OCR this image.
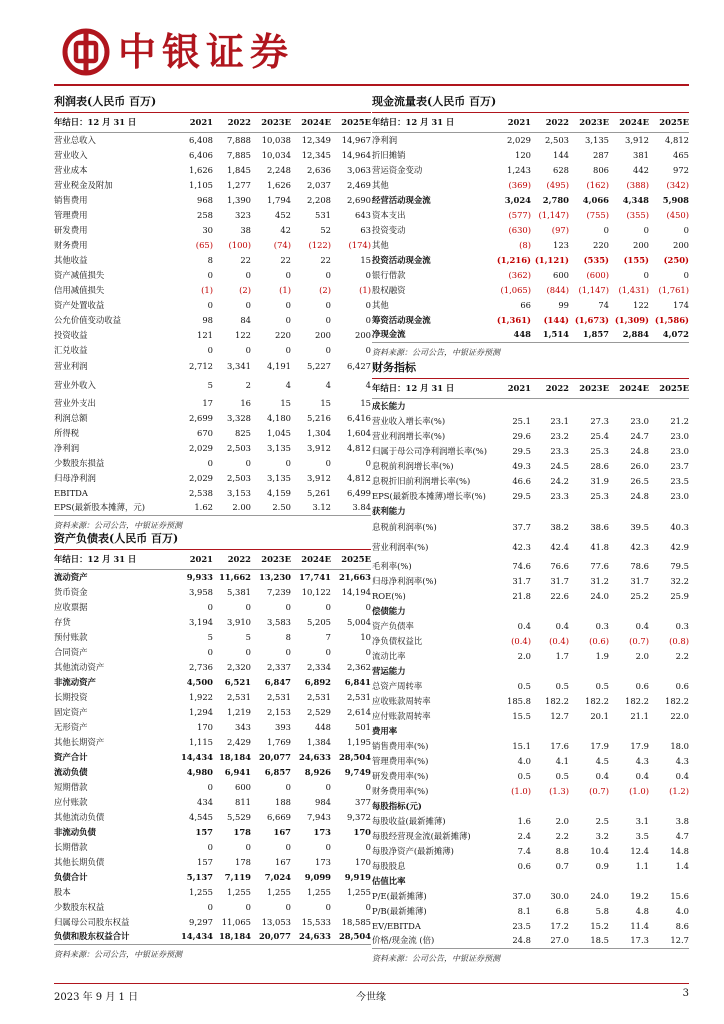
中银证券
利润表(人民币 百万)
年结日：12 月 31 日	2021	2022	2023E	2024E	2025E
营业总收入	6,408	7,888	10,038	12,349	14,967
营业收入	6,406	7,885	10,034	12,345	14,964
营业成本	1,626	1,845	2,248	2,636	3,063
营业税金及附加	1,105	1,277	1,626	2,037	2,469
销售费用	968	1,390	1,794	2,208	2,690
管理费用	258	323	452	531	643
研发费用	30	38	42	52	63
财务费用	(65)	(100)	(74)	(122)	(174)
其他收益	8	22	22	22	15
资产减值损失	0	0	0	0	0
信用减值损失	(1)	(2)	(1)	(2)	(1)
资产处置收益	0	0	0	0	0
公允价值变动收益	98	84	0	0	0
投资收益	121	122	220	200	200
汇兑收益	0	0	0	0	0
营业利润	2,712	3,341	4,191	5,227	6,427
营业外收入	5	2	4	4	4
营业外支出	17	16	15	15	15
利润总额	2,699	3,328	4,180	5,216	6,416
所得税	670	825	1,045	1,304	1,604
净利润	2,029	2,503	3,135	3,912	4,812
少数股东损益	0	0	0	0	0
归母净利润	2,029	2,503	3,135	3,912	4,812
EBITDA	2,538	3,153	4,159	5,261	6,499
EPS(最新股本摊薄，元)	1.62	2.00	2.50	3.12	3.84
资料来源：公司公告，中银证券预测
资产负债表(人民币 百万)
年结日：12 月 31 日	2021	2022	2023E	2024E	2025E
流动资产	9,933	11,662	13,230	17,741	21,663
货币资金	3,958	5,381	7,239	10,122	14,194
应收票据	0	0	0	0	0
存货	3,194	3,910	3,583	5,205	5,004
预付账款	5	5	8	7	10
合同资产	0	0	0	0	0
其他流动资产	2,736	2,320	2,337	2,334	2,362
非流动资产	4,500	6,521	6,847	6,892	6,841
长期投资	1,922	2,531	2,531	2,531	2,531
固定资产	1,294	1,219	2,153	2,529	2,614
无形资产	170	343	393	448	501
其他长期资产	1,115	2,429	1,769	1,384	1,195
资产合计	14,434	18,184	20,077	24,633	28,504
流动负债	4,980	6,941	6,857	8,926	9,749
短期借款	0	600	0	0	0
应付账款	434	811	188	984	377
其他流动负债	4,545	5,529	6,669	7,943	9,372
非流动负债	157	178	167	173	170
长期借款	0	0	0	0	0
其他长期负债	157	178	167	173	170
负债合计	5,137	7,119	7,024	9,099	9,919
股本	1,255	1,255	1,255	1,255	1,255
少数股东权益	0	0	0	0	0
归属母公司股东权益	9,297	11,065	13,053	15,533	18,585
负债和股东权益合计	14,434	18,184	20,077	24,633	28,504
资料来源：公司公告，中银证券预测
现金流量表(人民币 百万)
年结日：12 月 31 日	2021	2022	2023E	2024E	2025E
净利润	2,029	2,503	3,135	3,912	4,812
折旧摊销	120	144	287	381	465
营运资金变动	1,243	628	806	442	972
其他	(369)	(495)	(162)	(388)	(342)
经营活动现金流	3,024	2,780	4,066	4,348	5,908
资本支出	(577)	(1,147)	(755)	(355)	(450)
投资变动	(630)	(97)	0	0	0
其他	(8)	123	220	200	200
投资活动现金流	(1,216)	(1,121)	(535)	(155)	(250)
银行借款	(362)	600	(600)	0	0
股权融资	(1,065)	(844)	(1,147)	(1,431)	(1,761)
其他	66	99	74	122	174
筹资活动现金流	(1,361)	(144)	(1,673)	(1,309)	(1,586)
净现金流	448	1,514	1,857	2,884	4,072
资料来源：公司公告，中银证券预测
财务指标
年结日：12 月 31 日	2021	2022	2023E	2024E	2025E
成长能力					
营业收入增长率(%)	25.1	23.1	27.3	23.0	21.2
营业利润增长率(%)	29.6	23.2	25.4	24.7	23.0
归属于母公司净利润增长率(%)	29.5	23.3	25.3	24.8	23.0
息税前利润增长率(%)	49.3	24.5	28.6	26.0	23.7
息税折旧前利润增长率(%)	46.6	24.2	31.9	26.5	23.5
EPS(最新股本摊薄)增长率(%)	29.5	23.3	25.3	24.8	23.0
获利能力					
息税前利润率(%)	37.7	38.2	38.6	39.5	40.3
营业利润率(%)	42.3	42.4	41.8	42.3	42.9
毛利率(%)	74.6	76.6	77.6	78.6	79.5
归母净利润率(%)	31.7	31.7	31.2	31.7	32.2
ROE(%)	21.8	22.6	24.0	25.2	25.9
偿债能力					
资产负债率	0.4	0.4	0.3	0.4	0.3
净负债权益比	(0.4)	(0.4)	(0.6)	(0.7)	(0.8)
流动比率	2.0	1.7	1.9	2.0	2.2
营运能力					
总资产周转率	0.5	0.5	0.5	0.6	0.6
应收账款周转率	185.8	182.2	182.2	182.2	182.2
应付账款周转率	15.5	12.7	20.1	21.1	22.0
费用率					
销售费用率(%)	15.1	17.6	17.9	17.9	18.0
管理费用率(%)	4.0	4.1	4.5	4.3	4.3
研发费用率(%)	0.5	0.5	0.4	0.4	0.4
财务费用率(%)	(1.0)	(1.3)	(0.7)	(1.0)	(1.2)
每股指标(元)					
每股收益(最新摊薄)	1.6	2.0	2.5	3.1	3.8
每股经营现金流(最新摊薄)	2.4	2.2	3.2	3.5	4.7
每股净资产(最新摊薄)	7.4	8.8	10.4	12.4	14.8
每股股息	0.6	0.7	0.9	1.1	1.4
估值比率					
P/E(最新摊薄)	37.0	30.0	24.0	19.2	15.6
P/B(最新摊薄)	8.1	6.8	5.8	4.8	4.0
EV/EBITDA	23.5	17.2	15.2	11.4	8.6
价格/现金流 (倍)	24.8	27.0	18.5	17.3	12.7
资料来源：公司公告，中银证券预测
2023 年 9 月 1 日	今世缘	3
